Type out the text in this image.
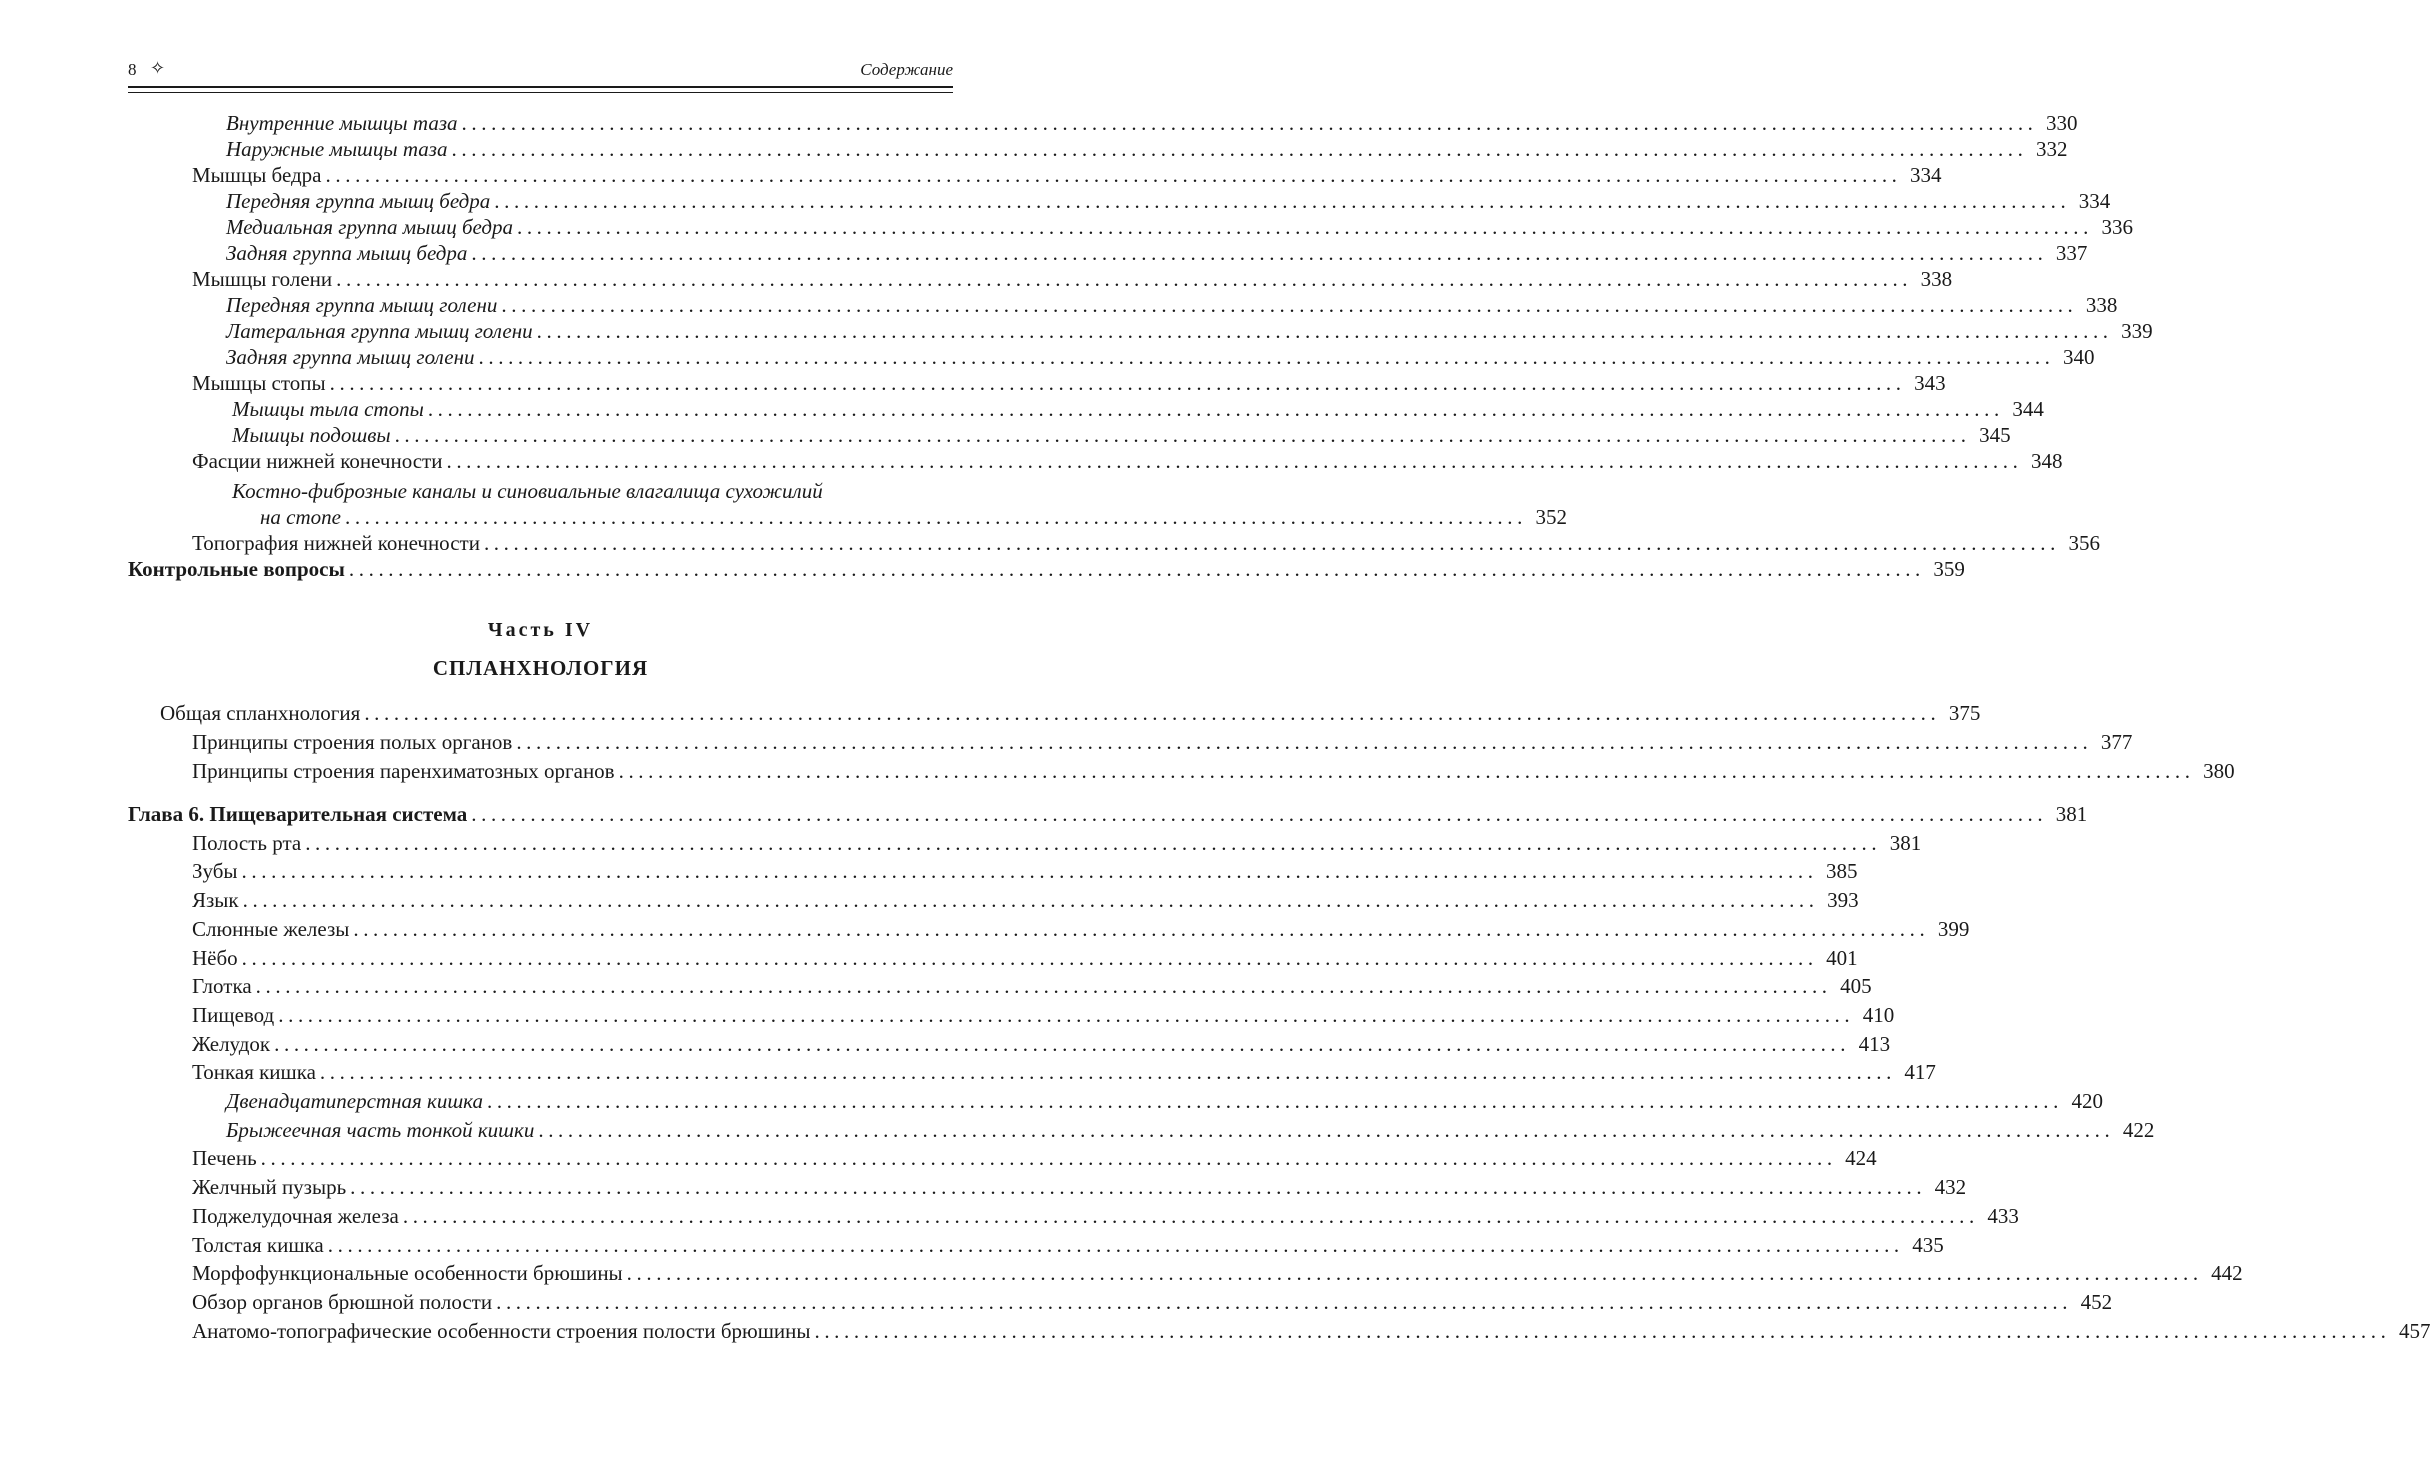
8 ✧	Содержание
Внутренние мышцы таза ................................................................................................................................................................ 330
Наружные мышцы таза ................................................................................................................................................................ 332
Мышцы бедра ................................................................................................................................................................ 334
Передняя группа мышц бедра ................................................................................................................................................................ 334
Медиальная группа мышц бедра ................................................................................................................................................................ 336
Задняя группа мышц бедра ................................................................................................................................................................ 337
Мышцы голени ................................................................................................................................................................ 338
Передняя группа мышц голени ................................................................................................................................................................ 338
Латеральная группа мышц голени ................................................................................................................................................................ 339
Задняя группа мышц голени ................................................................................................................................................................ 340
Мышцы стопы ................................................................................................................................................................ 343
Мышцы тыла стопы ................................................................................................................................................................ 344
Мышцы подошвы ................................................................................................................................................................ 345
Фасции нижней конечности ................................................................................................................................................................ 348
Костно-фиброзные каналы и синовиальные влагалища сухожилий
на стопе ........................................................................................................................ 352
Топография нижней конечности ................................................................................................................................................................ 356
Контрольные вопросы ................................................................................................................................................................ 359
Часть IV
СПЛАНХНОЛОГИЯ
Общая спланхнология ................................................................................................................................................................ 375
Принципы строения полых органов ................................................................................................................................................................ 377
Принципы строения паренхиматозных органов ................................................................................................................................................................ 380
Глава 6. Пищеварительная система ................................................................................................................................................................ 381
Полость рта ................................................................................................................................................................ 381
Зубы ................................................................................................................................................................ 385
Язык ................................................................................................................................................................ 393
Слюнные железы ................................................................................................................................................................ 399
Нёбо ................................................................................................................................................................ 401
Глотка ................................................................................................................................................................ 405
Пищевод ................................................................................................................................................................ 410
Желудок ................................................................................................................................................................ 413
Тонкая кишка ................................................................................................................................................................ 417
Двенадцатиперстная кишка ................................................................................................................................................................ 420
Брыжеечная часть тонкой кишки ................................................................................................................................................................ 422
Печень ................................................................................................................................................................ 424
Желчный пузырь ................................................................................................................................................................ 432
Поджелудочная железа ................................................................................................................................................................ 433
Толстая кишка ................................................................................................................................................................ 435
Морфофункциональные особенности брюшины ................................................................................................................................................................ 442
Обзор органов брюшной полости ................................................................................................................................................................ 452
Анатомо-топографические особенности строения полости брюшины ................................................................................................................................................................ 457
